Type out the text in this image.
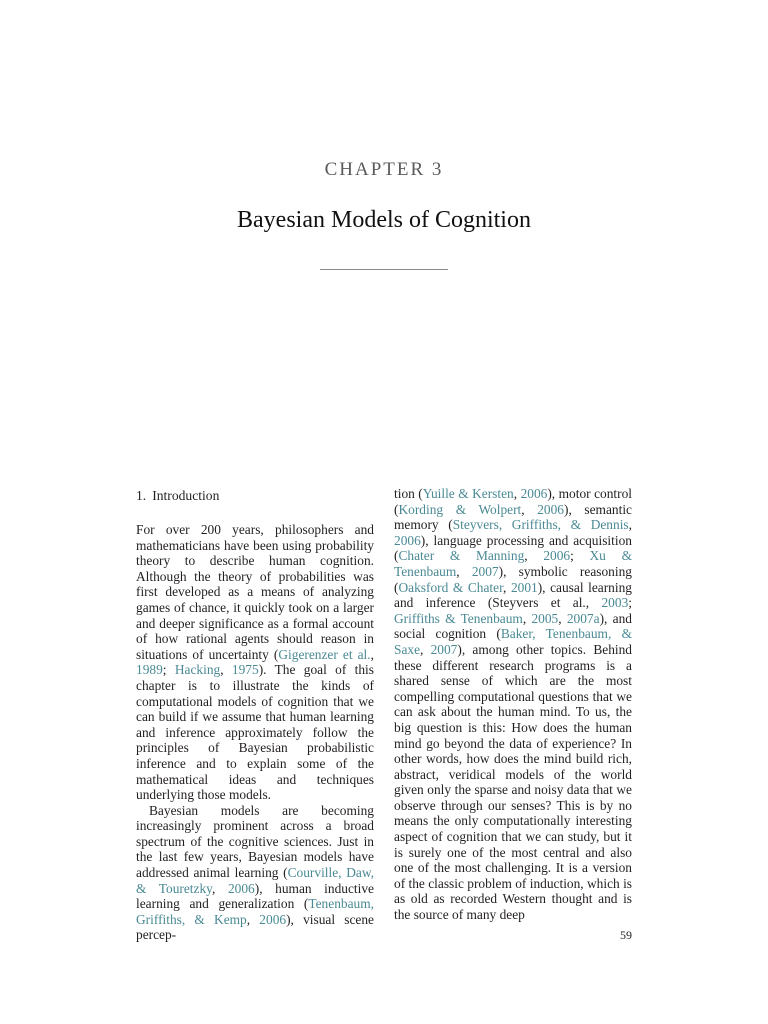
CHAPTER 3
Bayesian Models of Cognition
1. Introduction

For over 200 years, philosophers and mathematicians have been using probability theory to describe human cognition. Although the theory of probabilities was first developed as a means of analyzing games of chance, it quickly took on a larger and deeper significance as a formal account of how rational agents should reason in situations of uncertainty (Gigerenzer et al., 1989; Hacking, 1975). The goal of this chapter is to illustrate the kinds of computational models of cognition that we can build if we assume that human learning and inference approximately follow the principles of Bayesian probabilistic inference and to explain some of the mathematical ideas and techniques underlying those models.

Bayesian models are becoming increasingly prominent across a broad spectrum of the cognitive sciences. Just in the last few years, Bayesian models have addressed animal learning (Courville, Daw, & Touretzky, 2006), human inductive learning and generalization (Tenenbaum, Griffiths, & Kemp, 2006), visual scene percep-

tion (Yuille & Kersten, 2006), motor control (Kording & Wolpert, 2006), semantic memory (Steyvers, Griffiths, & Dennis, 2006), language processing and acquisition (Chater & Manning, 2006; Xu & Tenenbaum, 2007), symbolic reasoning (Oaksford & Chater, 2001), causal learning and inference (Steyvers et al., 2003; Griffiths & Tenenbaum, 2005, 2007a), and social cognition (Baker, Tenenbaum, & Saxe, 2007), among other topics. Behind these different research programs is a shared sense of which are the most compelling computational questions that we can ask about the human mind. To us, the big question is this: How does the human mind go beyond the data of experience? In other words, how does the mind build rich, abstract, veridical models of the world given only the sparse and noisy data that we observe through our senses? This is by no means the only computationally interesting aspect of cognition that we can study, but it is surely one of the most central and also one of the most challenging. It is a version of the classic problem of induction, which is as old as recorded Western thought and is the source of many deep

59
